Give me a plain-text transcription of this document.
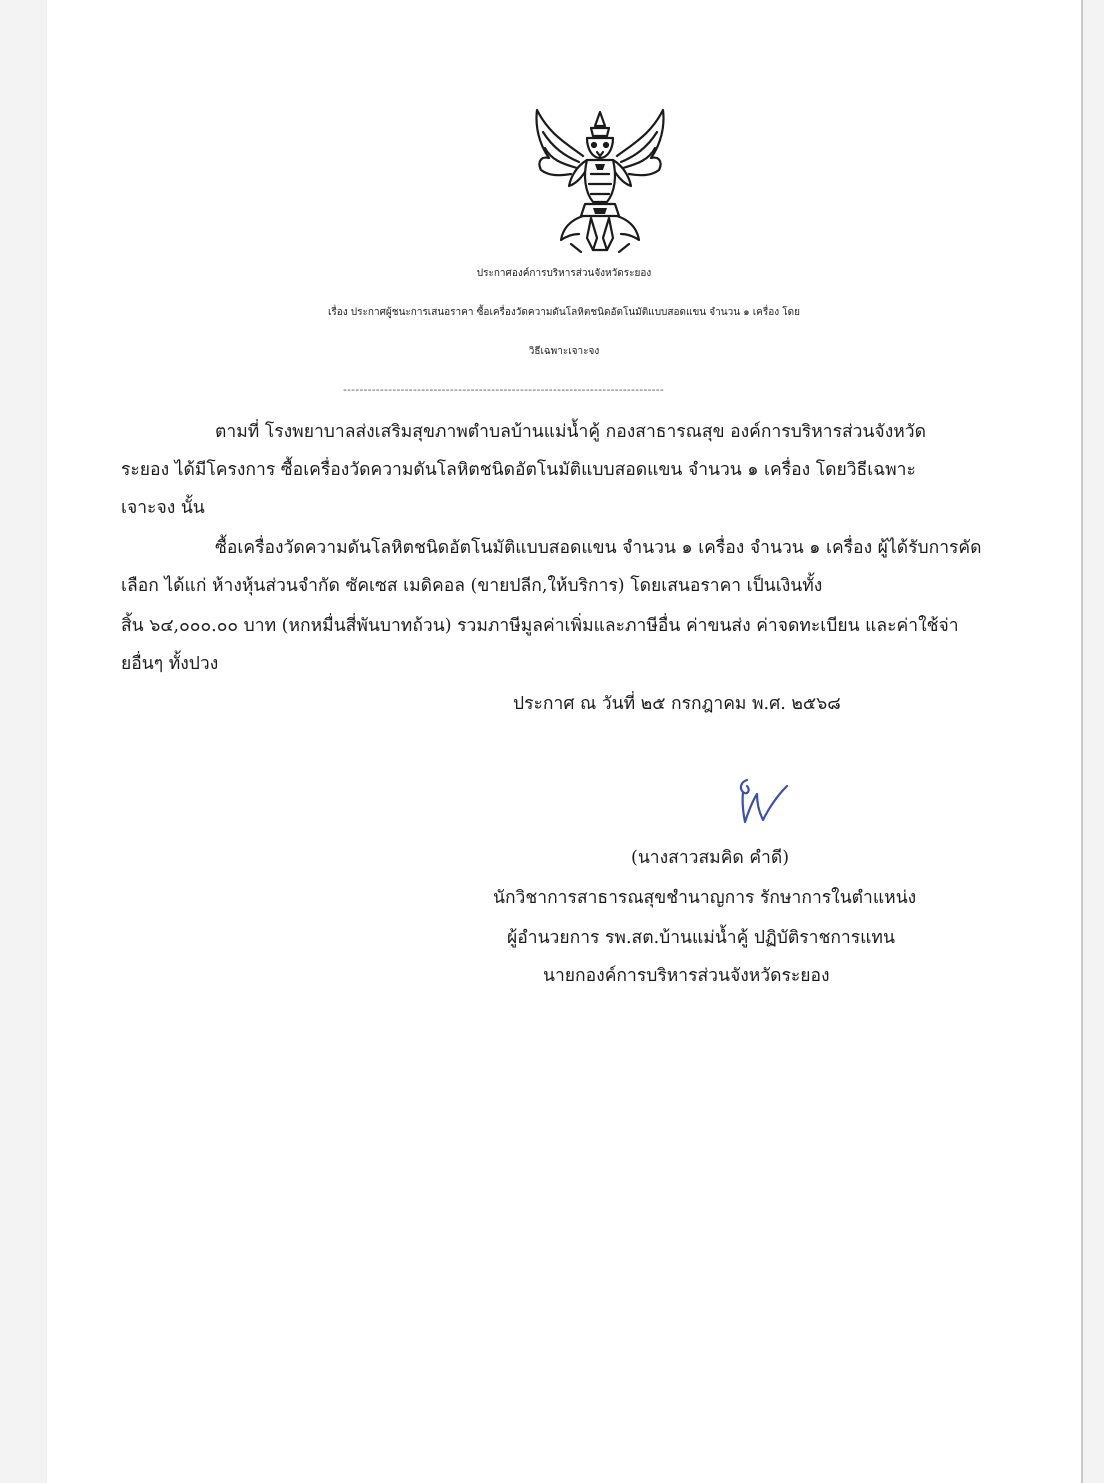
ประกาศองค์การบริหารส่วนจังหวัดระยอง
เรื่อง ประกาศผู้ชนะการเสนอราคา ซื้อเครื่องวัดความดันโลหิตชนิดอัตโนมัติแบบสอดแขน จำนวน ๑ เครื่อง โดย
วิธีเฉพาะเจาะจง
------------------------------------------------------------------------------
ตามที่ โรงพยาบาลส่งเสริมสุขภาพตำบลบ้านแม่น้ำคู้ กองสาธารณสุข องค์การบริหารส่วนจังหวัด
ระยอง ได้มีโครงการ ซื้อเครื่องวัดความดันโลหิตชนิดอัตโนมัติแบบสอดแขน จำนวน ๑ เครื่อง โดยวิธีเฉพาะ
เจาะจง นั้น
ซื้อเครื่องวัดความดันโลหิตชนิดอัตโนมัติแบบสอดแขน จำนวน ๑ เครื่อง จำนวน ๑ เครื่อง ผู้ได้รับการคัด
เลือก ได้แก่ ห้างหุ้นส่วนจำกัด ซัคเซส เมดิคอล (ขายปลีก,ให้บริการ) โดยเสนอราคา เป็นเงินทั้ง
สิ้น ๖๔,๐๐๐.๐๐ บาท (หกหมื่นสี่พันบาทถ้วน) รวมภาษีมูลค่าเพิ่มและภาษีอื่น ค่าขนส่ง ค่าจดทะเบียน และค่าใช้จ่า
ยอื่นๆ ทั้งปวง
ประกาศ ณ วันที่ ๒๕ กรกฎาคม พ.ศ. ๒๕๖๘
(นางสาวสมคิด คำดี)
นักวิชาการสาธารณสุขชำนาญการ รักษาการในตำแหน่ง
ผู้อำนวยการ รพ.สต.บ้านแม่น้ำคู้ ปฏิบัติราชการแทน
นายกองค์การบริหารส่วนจังหวัดระยอง
